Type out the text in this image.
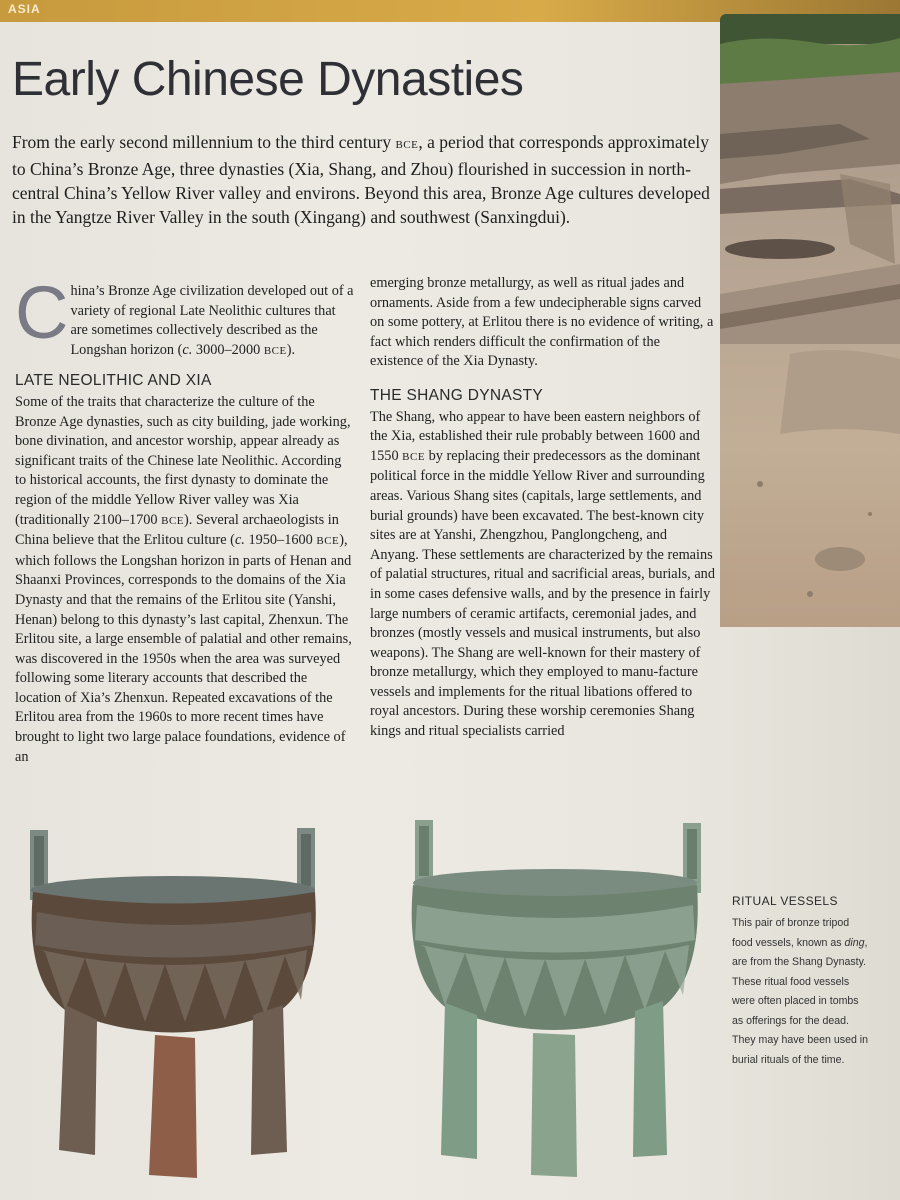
ASIA
Early Chinese Dynasties

From the early second millennium to the third century BCE, a period that corresponds approximately to China’s Bronze Age, three dynasties (Xia, Shang, and Zhou) flourished in succession in north-central China’s Yellow River valley and environs. Beyond this area, Bronze Age cultures developed in the Yangtze River Valley in the south (Xingang) and southwest (Sanxingdui).

China’s Bronze Age civilization developed out of a variety of regional Late Neolithic cultures that are sometimes collectively described as the Longshan horizon (c. 3000–2000 BCE).

LATE NEOLITHIC AND XIA

Some of the traits that characterize the culture of the Bronze Age dynasties, such as city building, jade working, bone divination, and ancestor worship, appear already as significant traits of the Chinese late Neolithic. According to historical accounts, the first dynasty to dominate the region of the middle Yellow River valley was Xia (traditionally 2100–1700 BCE). Several archaeologists in China believe that the Erlitou culture (c. 1950–1600 BCE), which follows the Longshan horizon in parts of Henan and Shaanxi Provinces, corresponds to the domains of the Xia Dynasty and that the remains of the Erlitou site (Yanshi, Henan) belong to this dynasty’s last capital, Zhenxun. The Erlitou site, a large ensemble of palatial and other remains, was discovered in the 1950s when the area was surveyed following some literary accounts that described the location of Xia’s Zhenxun. Repeated excavations of the Erlitou area from the 1960s to more recent times have brought to light two large palace foundations, evidence of an

emerging bronze metallurgy, as well as ritual jades and ornaments. Aside from a few undecipherable signs carved on some pottery, at Erlitou there is no evidence of writing, a fact which renders difficult the confirmation of the existence of the Xia Dynasty.

THE SHANG DYNASTY

The Shang, who appear to have been eastern neighbors of the Xia, established their rule probably between 1600 and 1550 BCE by replacing their predecessors as the dominant political force in the middle Yellow River and surrounding areas. Various Shang sites (capitals, large settlements, and burial grounds) have been excavated. The best-known city sites are at Yanshi, Zhengzhou, Panglongcheng, and Anyang. These settlements are characterized by the remains of palatial structures, ritual and sacrificial areas, burials, and in some cases defensive walls, and by the presence in fairly large numbers of ceramic artifacts, ceremonial jades, and bronzes (mostly vessels and musical instruments, but also weapons). The Shang are well-known for their mastery of bronze metallurgy, which they employed to manu-facture vessels and implements for the ritual libations offered to royal ancestors. During these worship ceremonies Shang kings and ritual specialists carried

RITUAL VESSELS
This pair of bronze tripod food vessels, known as ding, are from the Shang Dynasty. These ritual food vessels were often placed in tombs as offerings for the dead. They may have been used in burial rituals of the time.
